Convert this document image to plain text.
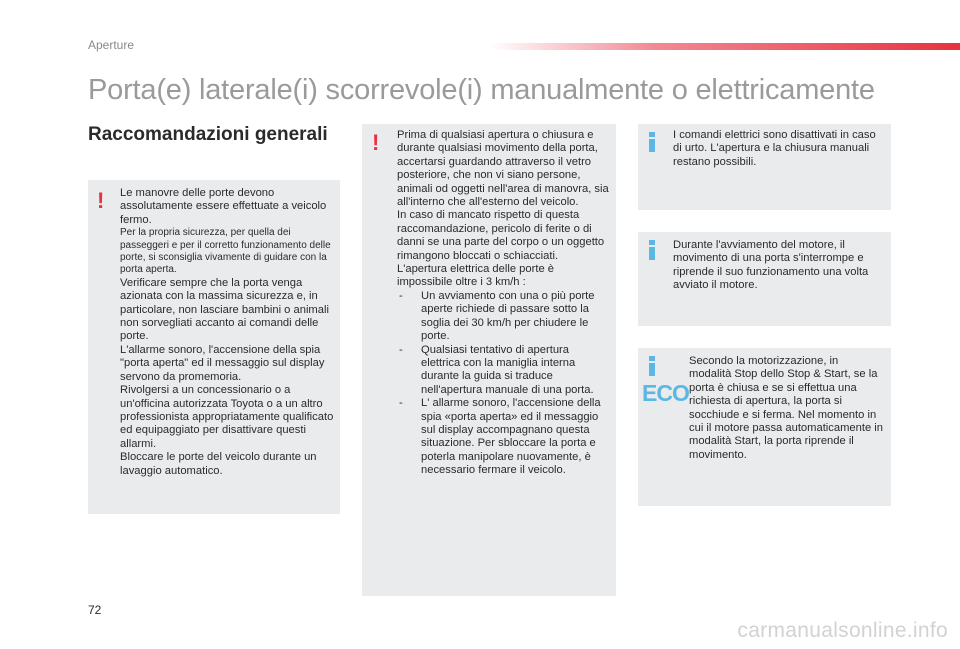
Aperture
Porta(e) laterale(i) scorrevole(i) manualmente o elettricamente
Raccomandazioni generali
! Le manovre delle porte devono assolutamente essere effettuate a veicolo fermo.

Per la propria sicurezza, per quella dei passeggeri e per il corretto funzionamento delle porte, si sconsiglia vivamente di guidare con la porta aperta.

Verificare sempre che la porta venga azionata con la massima sicurezza e, in particolare, non lasciare bambini o animali non sorvegliati accanto ai comandi delle porte.

L'allarme sonoro, l'accensione della spia "porta aperta" ed il messaggio sul display servono da promemoria.

Rivolgersi a un concessionario o a un'officina autorizzata Toyota o a un altro professionista appropriatamente qualificato ed equipaggiato per disattivare questi allarmi.

Bloccare le porte del veicolo durante un lavaggio automatico.

! Prima di qualsiasi apertura o chiusura e durante qualsiasi movimento della porta, accertarsi guardando attraverso il vetro posteriore, che non vi siano persone, animali od oggetti nell'area di manovra, sia all'interno che all'esterno del veicolo.

In caso di mancato rispetto di questa raccomandazione, pericolo di ferite o di danni se una parte del corpo o un oggetto rimangono bloccati o schiacciati.

L'apertura elettrica delle porte è impossibile oltre i 3 km/h :

- Un avviamento con una o più porte aperte richiede di passare sotto la soglia dei 30 km/h per chiudere le porte.
- Qualsiasi tentativo di apertura elettrica con la maniglia interna durante la guida si traduce nell'apertura manuale di una porta.
- L' allarme sonoro, l'accensione della spia «porta aperta» ed il messaggio sul display accompagnano questa situazione. Per sbloccare la porta e poterla manipolare nuovamente, è necessario fermare il veicolo.
I comandi elettrici sono disattivati in caso di urto. L'apertura e la chiusura manuali restano possibili.
Durante l'avviamento del motore, il movimento di una porta s'interrompe e riprende il suo funzionamento una volta avviato il motore.
ECO
Secondo la motorizzazione, in modalità Stop dello Stop & Start, se la porta è chiusa e se si effettua una richiesta di apertura, la porta si socchiude e si ferma. Nel momento in cui il motore passa automaticamente in modalità Start, la porta riprende il movimento.
72
carmanualsonline.info
